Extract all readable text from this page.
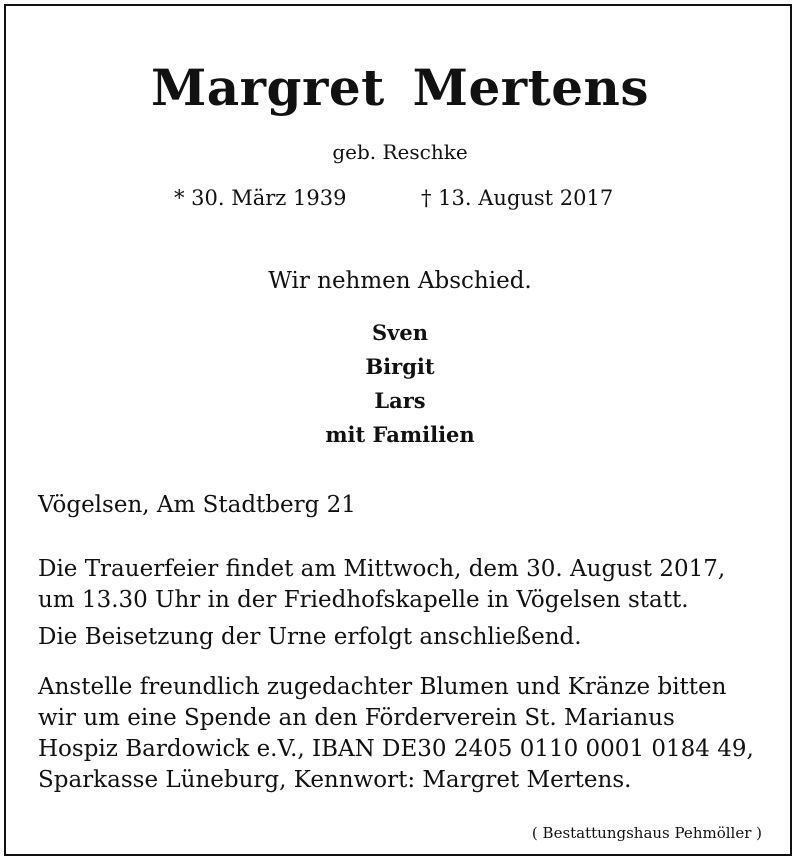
Margret Mertens
geb. Reschke
* 30. März 1939	† 13. August 2017
Wir nehmen Abschied.
Sven
Birgit
Lars
mit Familien
Vögelsen, Am Stadtberg 21
Die Trauerfeier findet am Mittwoch, dem 30. August 2017,
um 13.30 Uhr in der Friedhofskapelle in Vögelsen statt.
Die Beisetzung der Urne erfolgt anschließend.
Anstelle freundlich zugedachter Blumen und Kränze bitten
wir um eine Spende an den Förderverein St. Marianus
Hospiz Bardowick e.V., IBAN DE30 2405 0110 0001 0184 49,
Sparkasse Lüneburg, Kennwort: Margret Mertens.
( Bestattungshaus Pehmöller )
